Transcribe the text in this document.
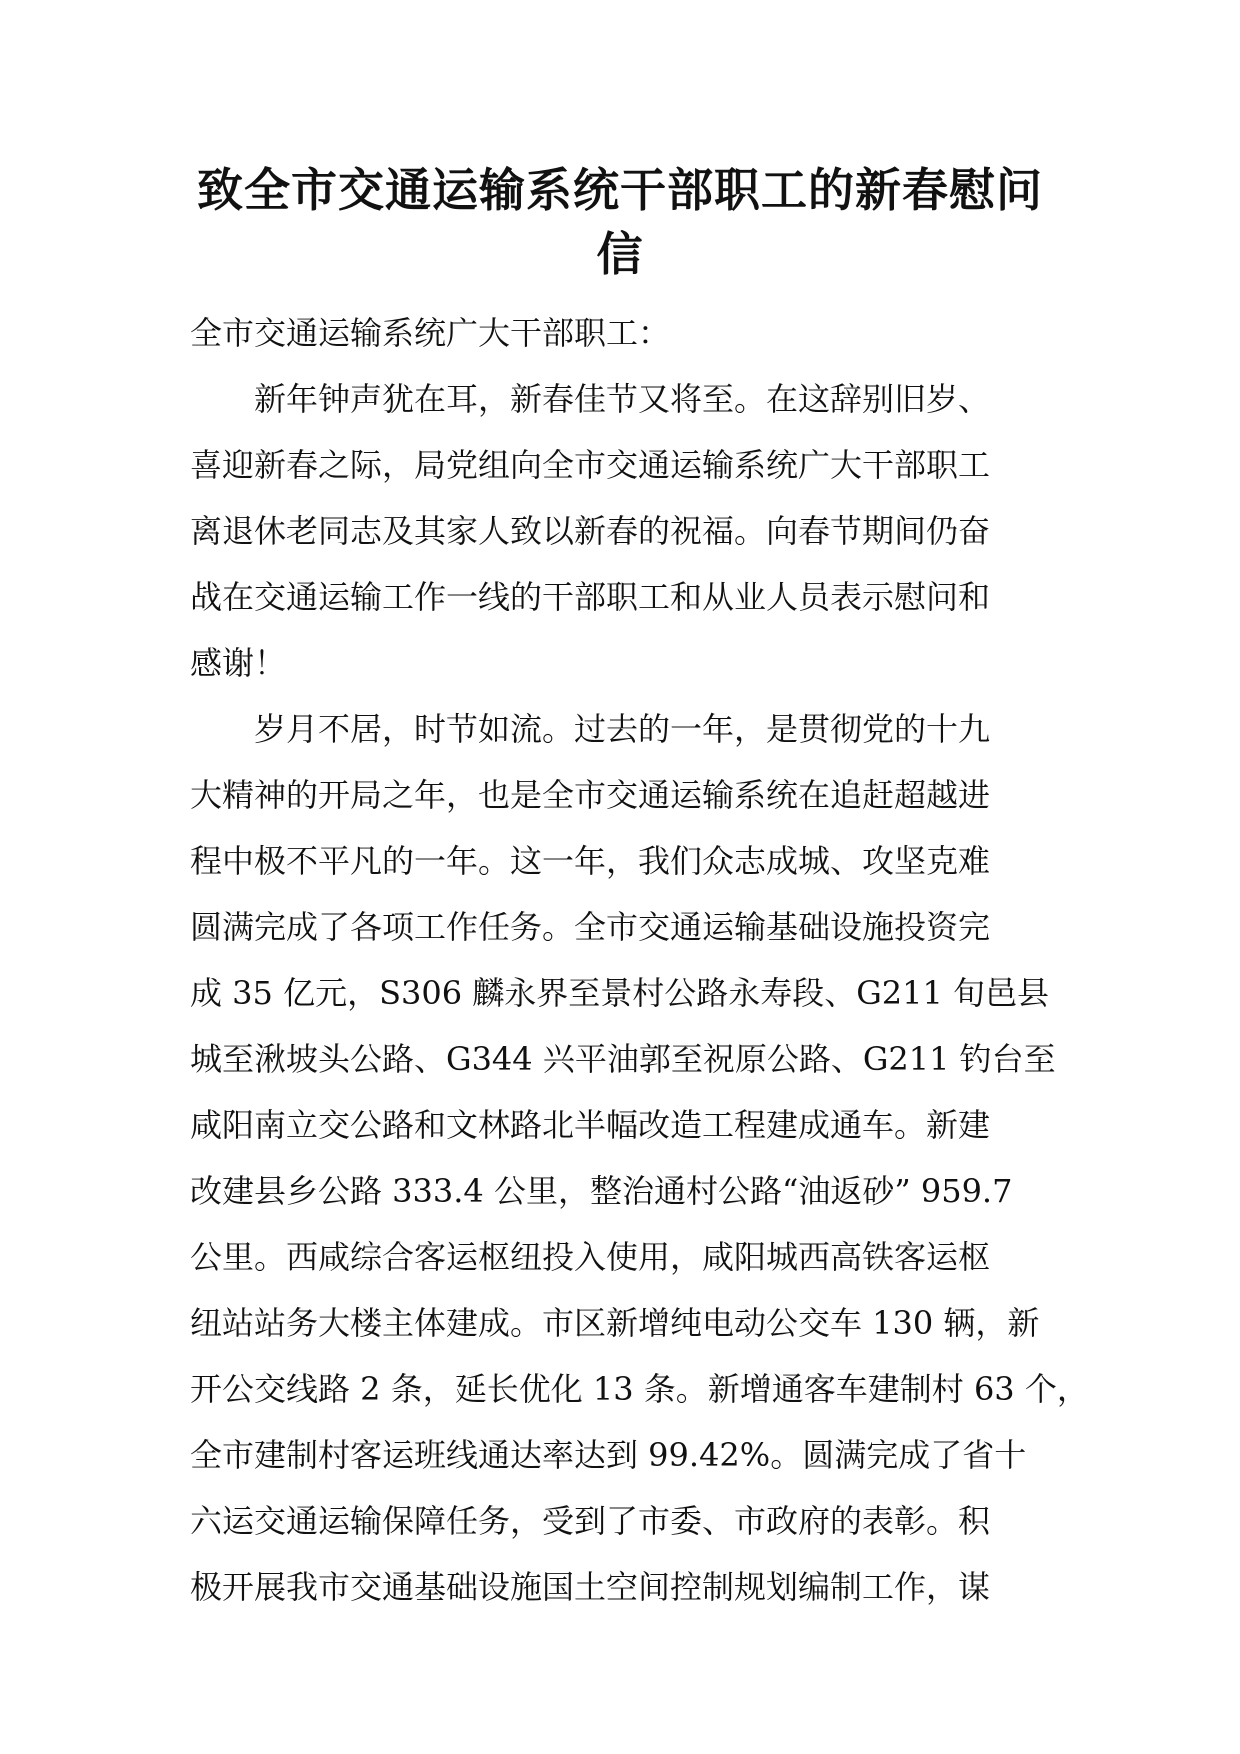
致全市交通运输系统干部职工的新春慰问信

全市交通运输系统广大干部职工：

新年钟声犹在耳，新春佳节又将至。在这辞别旧岁、
喜迎新春之际，局党组向全市交通运输系统广大干部职工
离退休老同志及其家人致以新春的祝福。向春节期间仍奋
战在交通运输工作一线的干部职工和从业人员表示慰问和
感谢！

岁月不居，时节如流。过去的一年，是贯彻党的十九
大精神的开局之年，也是全市交通运输系统在追赶超越进
程中极不平凡的一年。这一年，我们众志成城、攻坚克难
圆满完成了各项工作任务。全市交通运输基础设施投资完
成 35 亿元，S306 麟永界至景村公路永寿段、G211 旬邑县
城至湫坡头公路、G344 兴平油郭至祝原公路、G211 钓台至
咸阳南立交公路和文林路北半幅改造工程建成通车。新建
改建县乡公路 333.4 公里，整治通村公路“油返砂” 959.7
公里。西咸综合客运枢纽投入使用，咸阳城西高铁客运枢
纽站站务大楼主体建成。市区新增纯电动公交车 130 辆，新
开公交线路 2 条，延长优化 13 条。新增通客车建制村 63 个，
全市建制村客运班线通达率达到 99.42%。圆满完成了省十
六运交通运输保障任务，受到了市委、市政府的表彰。积
极开展我市交通基础设施国土空间控制规划编制工作，谋
